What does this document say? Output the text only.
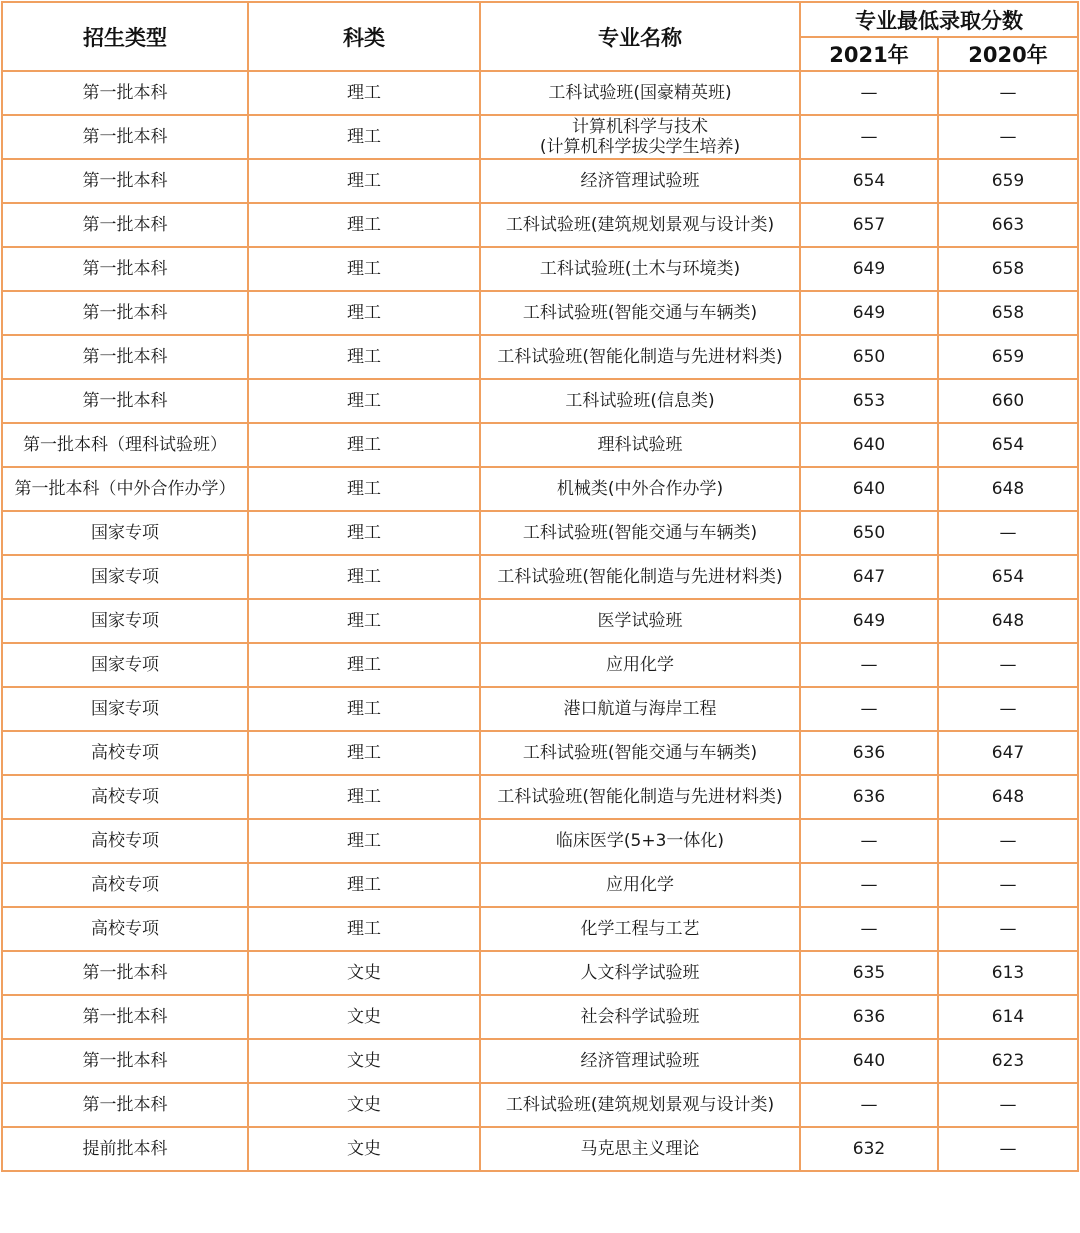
招生类型	科类	专业名称	专业最低录取分数	
			2021年	2020年
第一批本科	理工	工科试验班(国豪精英班)	—	—
第一批本科	理工	计算机科学与技术
(计算机科学拔尖学生培养)	—	—
第一批本科	理工	经济管理试验班	654	659
第一批本科	理工	工科试验班(建筑规划景观与设计类)	657	663
第一批本科	理工	工科试验班(土木与环境类)	649	658
第一批本科	理工	工科试验班(智能交通与车辆类)	649	658
第一批本科	理工	工科试验班(智能化制造与先进材料类)	650	659
第一批本科	理工	工科试验班(信息类)	653	660
第一批本科（理科试验班）	理工	理科试验班	640	654
第一批本科（中外合作办学）	理工	机械类(中外合作办学)	640	648
国家专项	理工	工科试验班(智能交通与车辆类)	650	—
国家专项	理工	工科试验班(智能化制造与先进材料类)	647	654
国家专项	理工	医学试验班	649	648
国家专项	理工	应用化学	—	—
国家专项	理工	港口航道与海岸工程	—	—
高校专项	理工	工科试验班(智能交通与车辆类)	636	647
高校专项	理工	工科试验班(智能化制造与先进材料类)	636	648
高校专项	理工	临床医学(5+3一体化)	—	—
高校专项	理工	应用化学	—	—
高校专项	理工	化学工程与工艺	—	—
第一批本科	文史	人文科学试验班	635	613
第一批本科	文史	社会科学试验班	636	614
第一批本科	文史	经济管理试验班	640	623
第一批本科	文史	工科试验班(建筑规划景观与设计类)	—	—
提前批本科	文史	马克思主义理论	632	—
